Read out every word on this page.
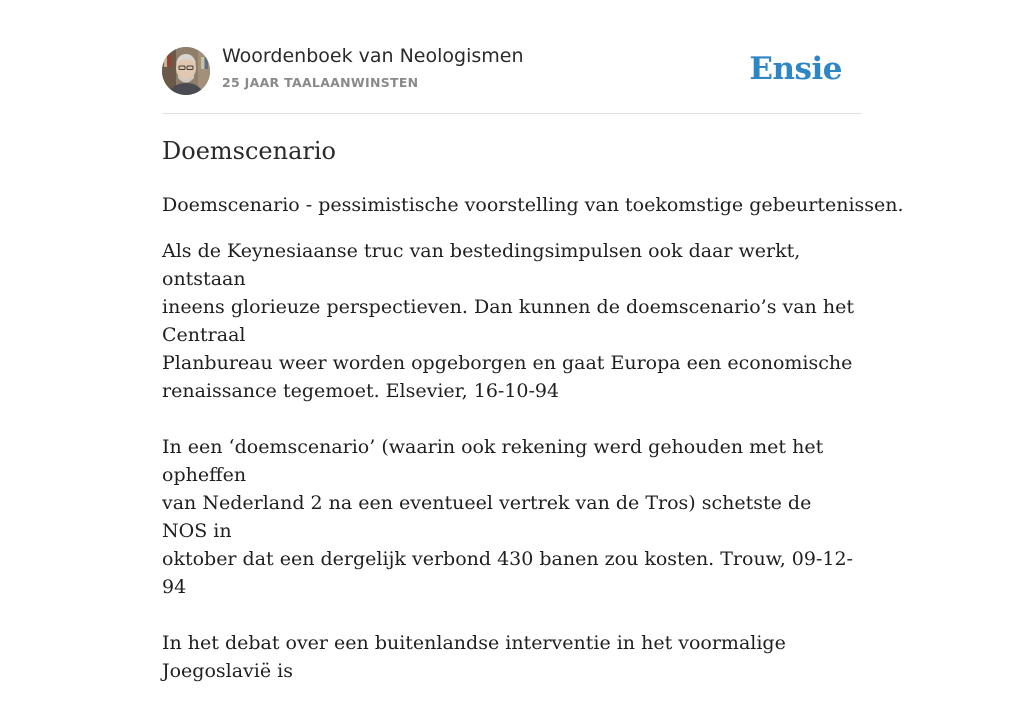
Woordenboek van Neologismen
25 JAAR TAALAANWINSTEN	Ensie
Doemscenario

Doemscenario - pessimistische voorstelling van toekomstige gebeurtenissen.

Als de Keynesiaanse truc van bestedingsimpulsen ook daar werkt, ontstaan
ineens glorieuze perspectieven. Dan kunnen de doemscenario’s van het Centraal
Planbureau weer worden opgeborgen en gaat Europa een economische
renaissance tegemoet. Elsevier, 16-10-94

In een ‘doemscenario’ (waarin ook rekening werd gehouden met het opheffen
van Nederland 2 na een eventueel vertrek van de Tros) schetste de NOS in
oktober dat een dergelijk verbond 430 banen zou kosten. Trouw, 09-12-94

In het debat over een buitenlandse interventie in het voormalige Joegoslavië is
